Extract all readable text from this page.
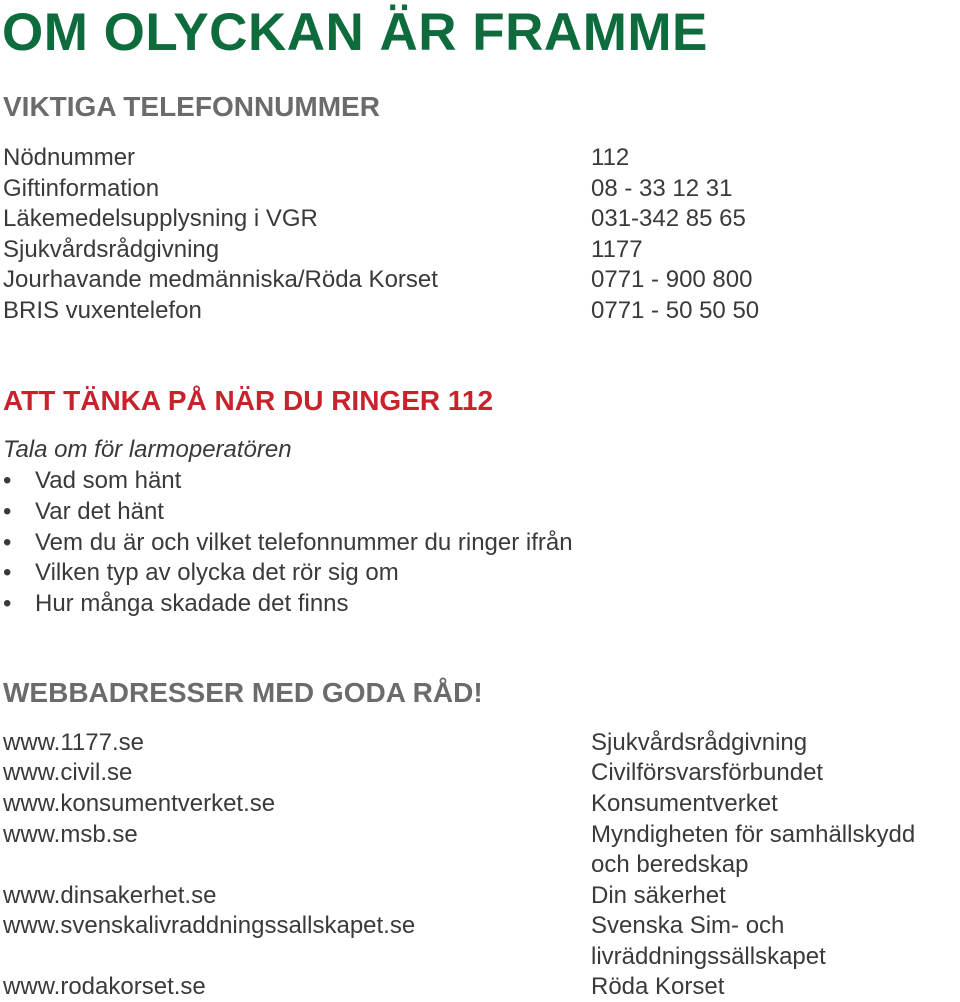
OM OLYCKAN ÄR FRAMME
VIKTIGA TELEFONNUMMER
Nödnummer	112
Giftinformation	08 - 33 12 31
Läkemedelsupplysning i VGR	031-342 85 65
Sjukvårdsrådgivning	1177
Jourhavande medmänniska/Röda Korset	0771 - 900 800
BRIS vuxentelefon	0771 - 50 50 50
ATT TÄNKA PÅ NÄR DU RINGER 112
Tala om för larmoperatören
• Vad som hänt
• Var det hänt
• Vem du är och vilket telefonnummer du ringer ifrån
• Vilken typ av olycka det rör sig om
• Hur många skadade det finns
WEBBADRESSER MED GODA RÅD!
www.1177.se	Sjukvårdsrådgivning
www.civil.se	Civilförsvarsförbundet
www.konsumentverket.se	Konsumentverket
www.msb.se	Myndigheten för samhällskydd
och beredskap
www.dinsakerhet.se	Din säkerhet
www.svenskalivraddningssallskapet.se	Svenska Sim- och
livräddningssällskapet
www.rodakorset.se	Röda Korset
